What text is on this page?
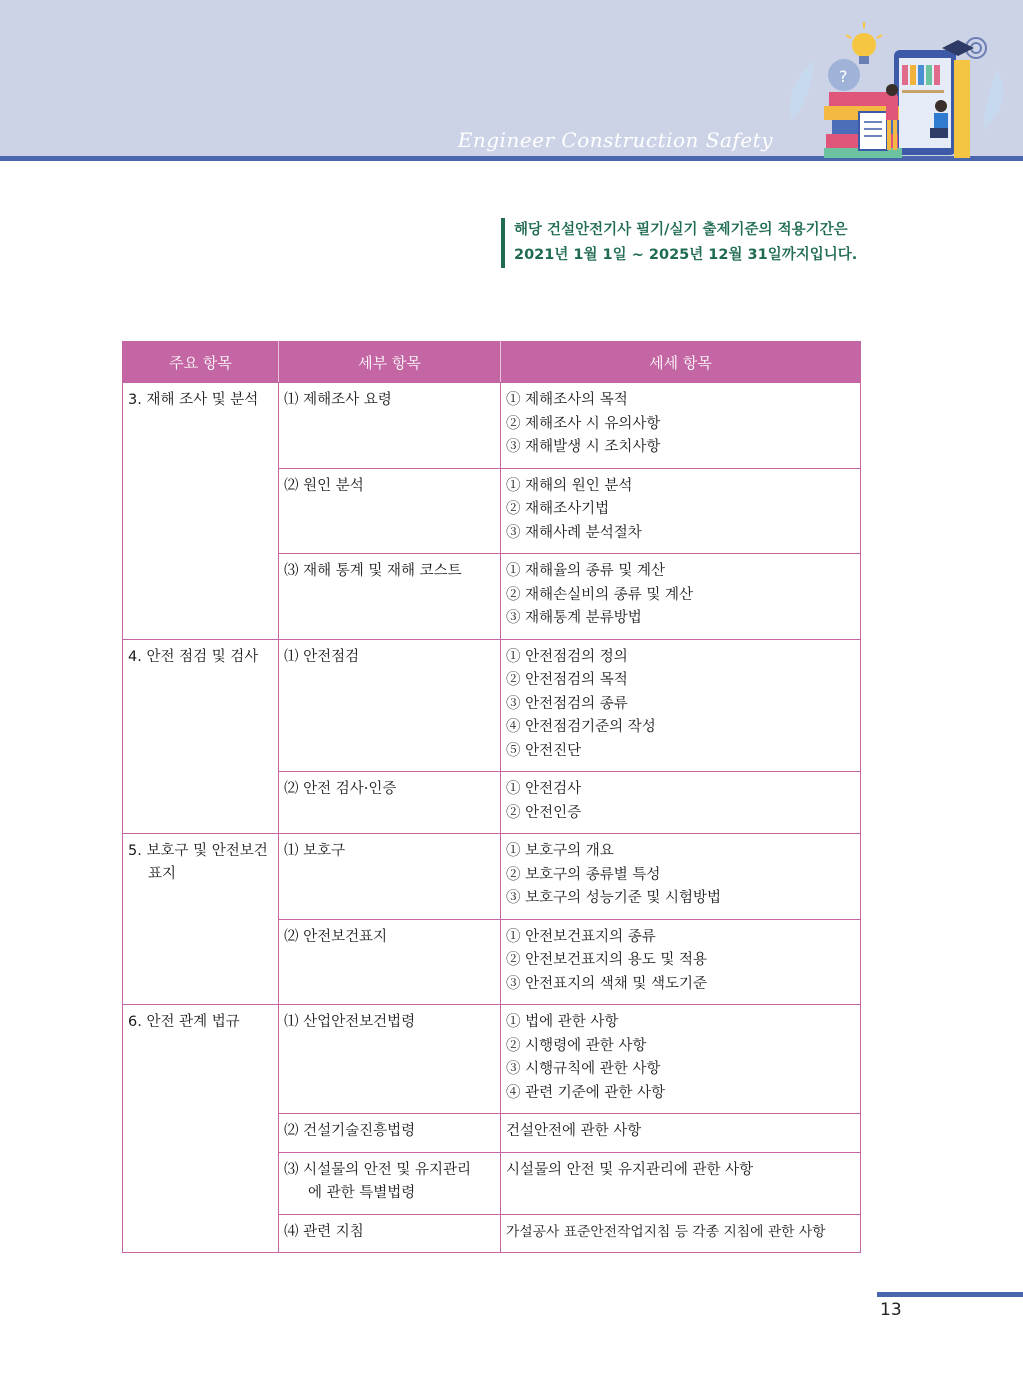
Engineer Construction Safety
?
해당 건설안전기사 필기/실기 출제기준의 적용기간은
2021년 1월 1일 ~ 2025년 12월 31일까지입니다.
주요 항목	세부 항목	세세 항목

3. 재해 조사 및 분석	⑴ 제해조사 요령	① 제해조사의 목적
② 제해조사 시 유의사항
③ 재해발생 시 조치사항

	⑵ 원인 분석	① 재해의 원인 분석
② 재해조사기법
③ 재해사례 분석절차

	⑶ 재해 통계 및 재해 코스트	① 재해율의 종류 및 계산
② 재해손실비의 종류 및 계산
③ 재해통계 분류방법

4. 안전 점검 및 검사	⑴ 안전점검	① 안전점검의 정의
② 안전점검의 목적
③ 안전점검의 종류
④ 안전점검기준의 작성
⑤ 안전진단

	⑵ 안전 검사·인증	① 안전검사
② 안전인증

5. 보호구 및 안전보건
표지	⑴ 보호구	① 보호구의 개요
② 보호구의 종류별 특성
③ 보호구의 성능기준 및 시험방법

	⑵ 안전보건표지	① 안전보건표지의 종류
② 안전보건표지의 용도 및 적용
③ 안전표지의 색채 및 색도기준

6. 안전 관계 법규	⑴ 산업안전보건법령	① 법에 관한 사항
② 시행령에 관한 사항
③ 시행규칙에 관한 사항
④ 관련 기준에 관한 사항

	⑵ 건설기술진흥법령	건설안전에 관한 사항

	⑶ 시설물의 안전 및 유지관리
에 관한 특별법령	시설물의 안전 및 유지관리에 관한 사항

	⑷ 관련 지침	가설공사 표준안전작업지침 등 각종 지침에 관한 사항
13
